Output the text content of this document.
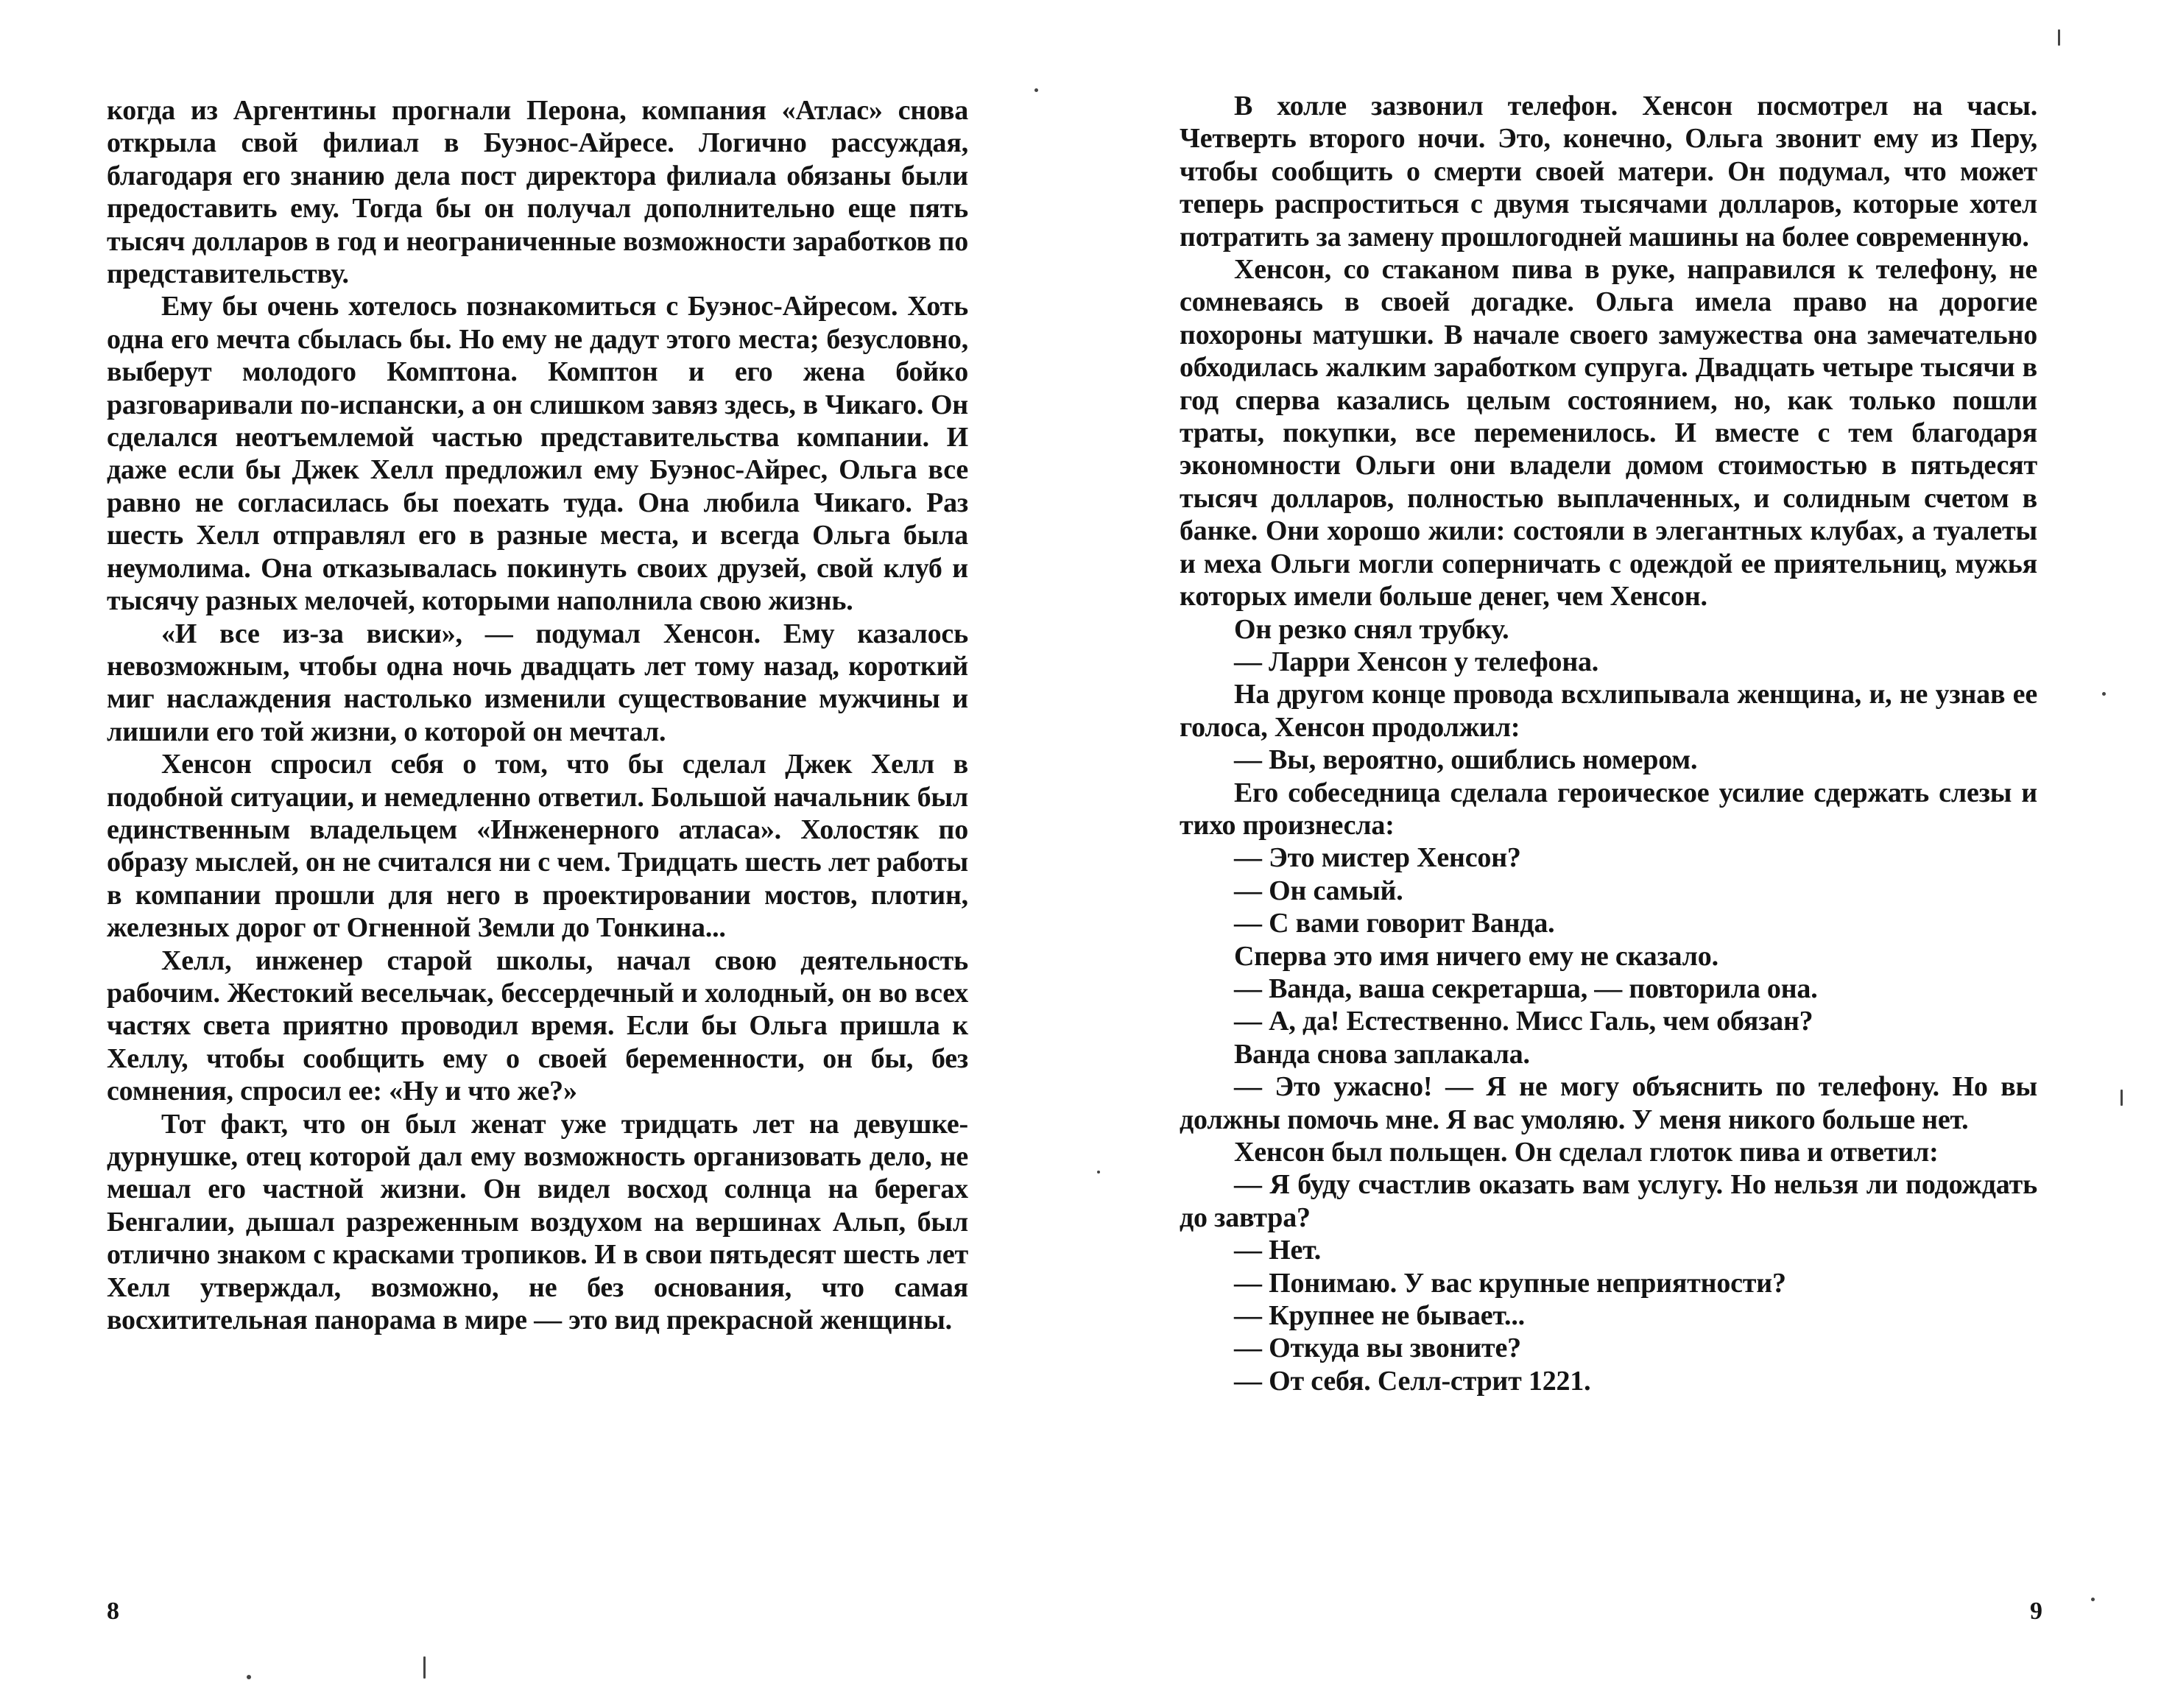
когда из Аргентины прогнали Перона, компания «Атлас» снова открыла свой филиал в Буэнос-Айресе. Логично рассуждая, благодаря его знанию дела пост директора филиала обязаны были предоставить ему. Тогда бы он получал дополнительно еще пять тысяч долларов в год и неограниченные возможности заработков по представительству.

Ему бы очень хотелось познакомиться с Буэнос-Айресом. Хоть одна его мечта сбылась бы. Но ему не дадут этого места; безусловно, выберут молодого Комптона. Комптон и его жена бойко разговаривали по-испански, а он слишком завяз здесь, в Чикаго. Он сделался неотъемлемой частью представительства компании. И даже если бы Джек Хелл предложил ему Буэнос-Айрес, Ольга все равно не согласилась бы поехать туда. Она любила Чикаго. Раз шесть Хелл отправлял его в разные места, и всегда Ольга была неумолима. Она отказывалась покинуть своих друзей, свой клуб и тысячу разных мелочей, которыми наполнила свою жизнь.

«И все из-за виски», — подумал Хенсон. Ему казалось невозможным, чтобы одна ночь двадцать лет тому назад, короткий миг наслаждения настолько изменили существование мужчины и лишили его той жизни, о которой он мечтал.

Хенсон спросил себя о том, что бы сделал Джек Хелл в подобной ситуации, и немедленно ответил. Большой начальник был единственным владельцем «Инженерного атласа». Холостяк по образу мыслей, он не считался ни с чем. Тридцать шесть лет работы в компании прошли для него в проектировании мостов, плотин, железных дорог от Огненной Земли до Тонкина...

Хелл, инженер старой школы, начал свою деятельность рабочим. Жестокий весельчак, бессердечный и холодный, он во всех частях света приятно проводил время. Если бы Ольга пришла к Хеллу, чтобы сообщить ему о своей беременности, он бы, без сомнения, спросил ее: «Ну и что же?»

Тот факт, что он был женат уже тридцать лет на девушке-дурнушке, отец которой дал ему возможность организовать дело, не мешал его частной жизни. Он видел восход солнца на берегах Бенгалии, дышал разреженным воздухом на вершинах Альп, был отлично знаком с красками тропиков. И в свои пятьдесят шесть лет Хелл утверждал, возможно, не без основания, что самая восхитительная панорама в мире — это вид прекрасной женщины.

8

В холле зазвонил телефон. Хенсон посмотрел на часы. Четверть второго ночи. Это, конечно, Ольга звонит ему из Перу, чтобы сообщить о смерти своей матери. Он подумал, что может теперь распроститься с двумя тысячами долларов, которые хотел потратить за замену прошлогодней машины на более современную.

Хенсон, со стаканом пива в руке, направился к телефону, не сомневаясь в своей догадке. Ольга имела право на дорогие похороны матушки. В начале своего замужества она замечательно обходилась жалким заработком супруга. Двадцать четыре тысячи в год сперва казались целым состоянием, но, как только пошли траты, покупки, все переменилось. И вместе с тем благодаря экономности Ольги они владели домом стоимостью в пятьдесят тысяч долларов, полностью выплаченных, и солидным счетом в банке. Они хорошо жили: состояли в элегантных клубах, а туалеты и меха Ольги могли соперничать с одеждой ее приятельниц, мужья которых имели больше денег, чем Хенсон.

Он резко снял трубку.

— Ларри Хенсон у телефона.

На другом конце провода всхлипывала женщина, и, не узнав ее голоса, Хенсон продолжил:

— Вы, вероятно, ошиблись номером.

Его собеседница сделала героическое усилие сдержать слезы и тихо произнесла:

— Это мистер Хенсон?

— Он самый.

— С вами говорит Ванда.

Сперва это имя ничего ему не сказало.

— Ванда, ваша секретарша, — повторила она.

— А, да! Естественно. Мисс Галь, чем обязан?

Ванда снова заплакала.

— Это ужасно! — Я не могу объяснить по телефону. Но вы должны помочь мне. Я вас умоляю. У меня никого больше нет.

Хенсон был польщен. Он сделал глоток пива и ответил:

— Я буду счастлив оказать вам услугу. Но нельзя ли подождать до завтра?

— Нет.

— Понимаю. У вас крупные неприятности?

— Крупнее не бывает...

— Откуда вы звоните?

— От себя. Селл-стрит 1221.

9
